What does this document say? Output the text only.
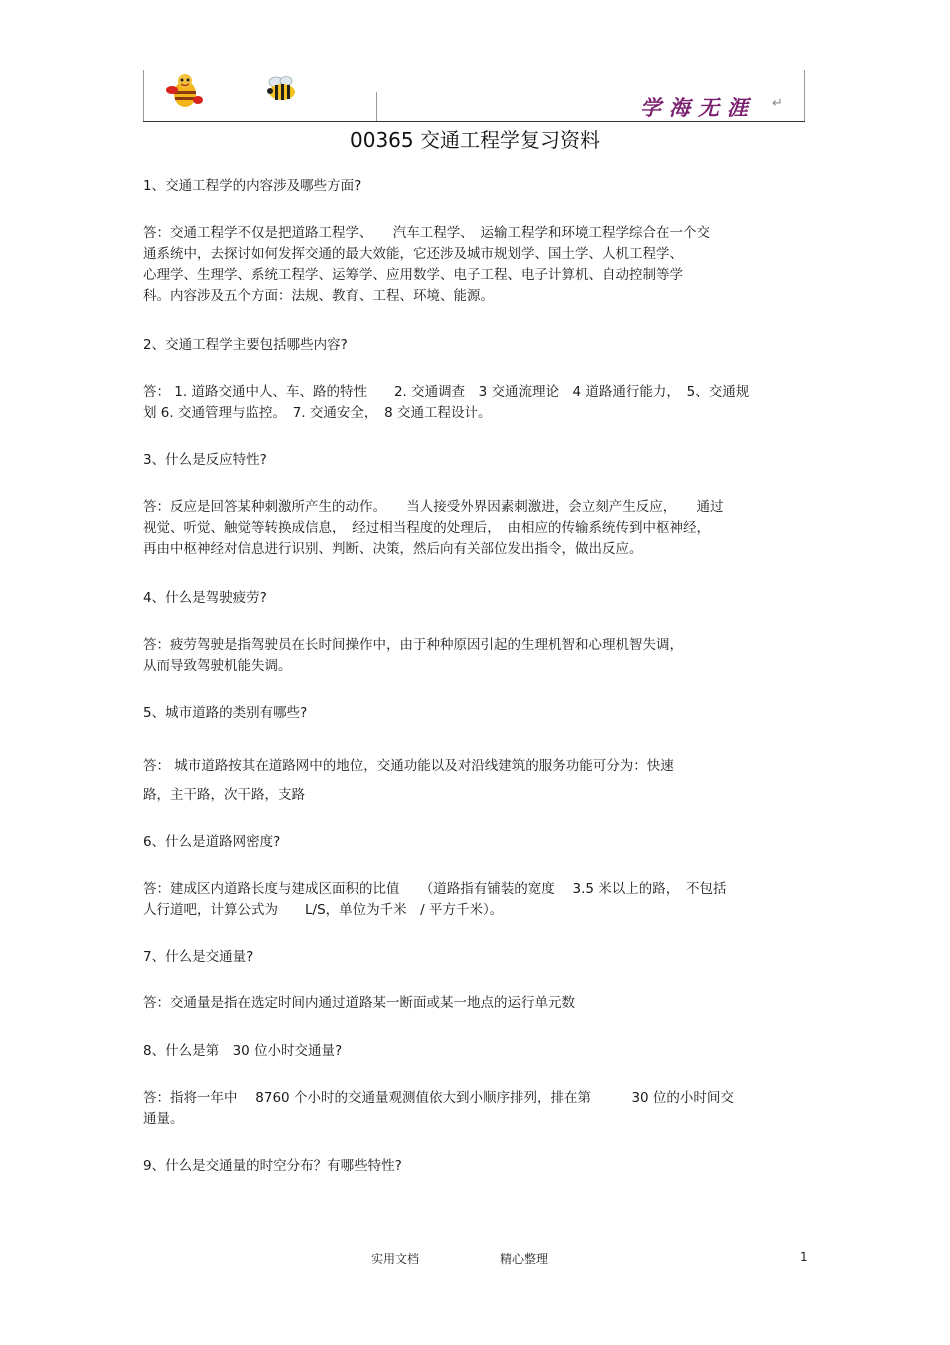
学海无涯 ↵
00365 交通工程学复习资料
1、交通工程学的内容涉及哪些方面?
答：交通工程学不仅是把道路工程学、　　汽车工程学、　运输工程学和环境工程学综合在一个交
通系统中，去探讨如何发挥交通的最大效能，它还涉及城市规划学、国土学、人机工程学、
心理学、生理学、系统工程学、运筹学、应用数学、电子工程、电子计算机、自动控制等学
科。内容涉及五个方面：法规、教育、工程、环境、能源。
2、交通工程学主要包括哪些内容?
答： 1. 道路交通中人、车、路的特性　　2. 交通调查　3 交通流理论　4 道路通行能力，　5、交通规
划 6. 交通管理与监控。　7. 交通安全，　8 交通工程设计。
3、什么是反应特性?
答：反应是回答某种刺激所产生的动作。　　当人接受外界因素刺激进，会立刻产生反应，　　通过
视觉、听觉、触觉等转换成信息，　经过相当程度的处理后，　由相应的传输系统传到中枢神经，
再由中枢神经对信息进行识别、判断、决策，然后向有关部位发出指令，做出反应。
4、什么是驾驶疲劳?
答：疲劳驾驶是指驾驶员在长时间操作中，由于种种原因引起的生理机智和心理机智失调，
从而导致驾驶机能失调。
5、城市道路的类别有哪些?
答： 城市道路按其在道路网中的地位，交通功能以及对沿线建筑的服务功能可分为：快速
路，主干路，次干路，支路
6、什么是道路网密度?
答：建成区内道路长度与建成区面积的比值　　（道路指有铺装的宽度　 3.5 米以上的路，　不包括
人行道吧，计算公式为　　L/S，单位为千米　/ 平方千米）。
7、什么是交通量?
答：交通量是指在选定时间内通过道路某一断面或某一地点的运行单元数
8、什么是第　30 位小时交通量?
答：指将一年中　 8760 个小时的交通量观测值依大到小顺序排列，排在第　　　30 位的小时间交
通量。
9、什么是交通量的时空分布？有哪些特性?
实用文档	精心整理	1
